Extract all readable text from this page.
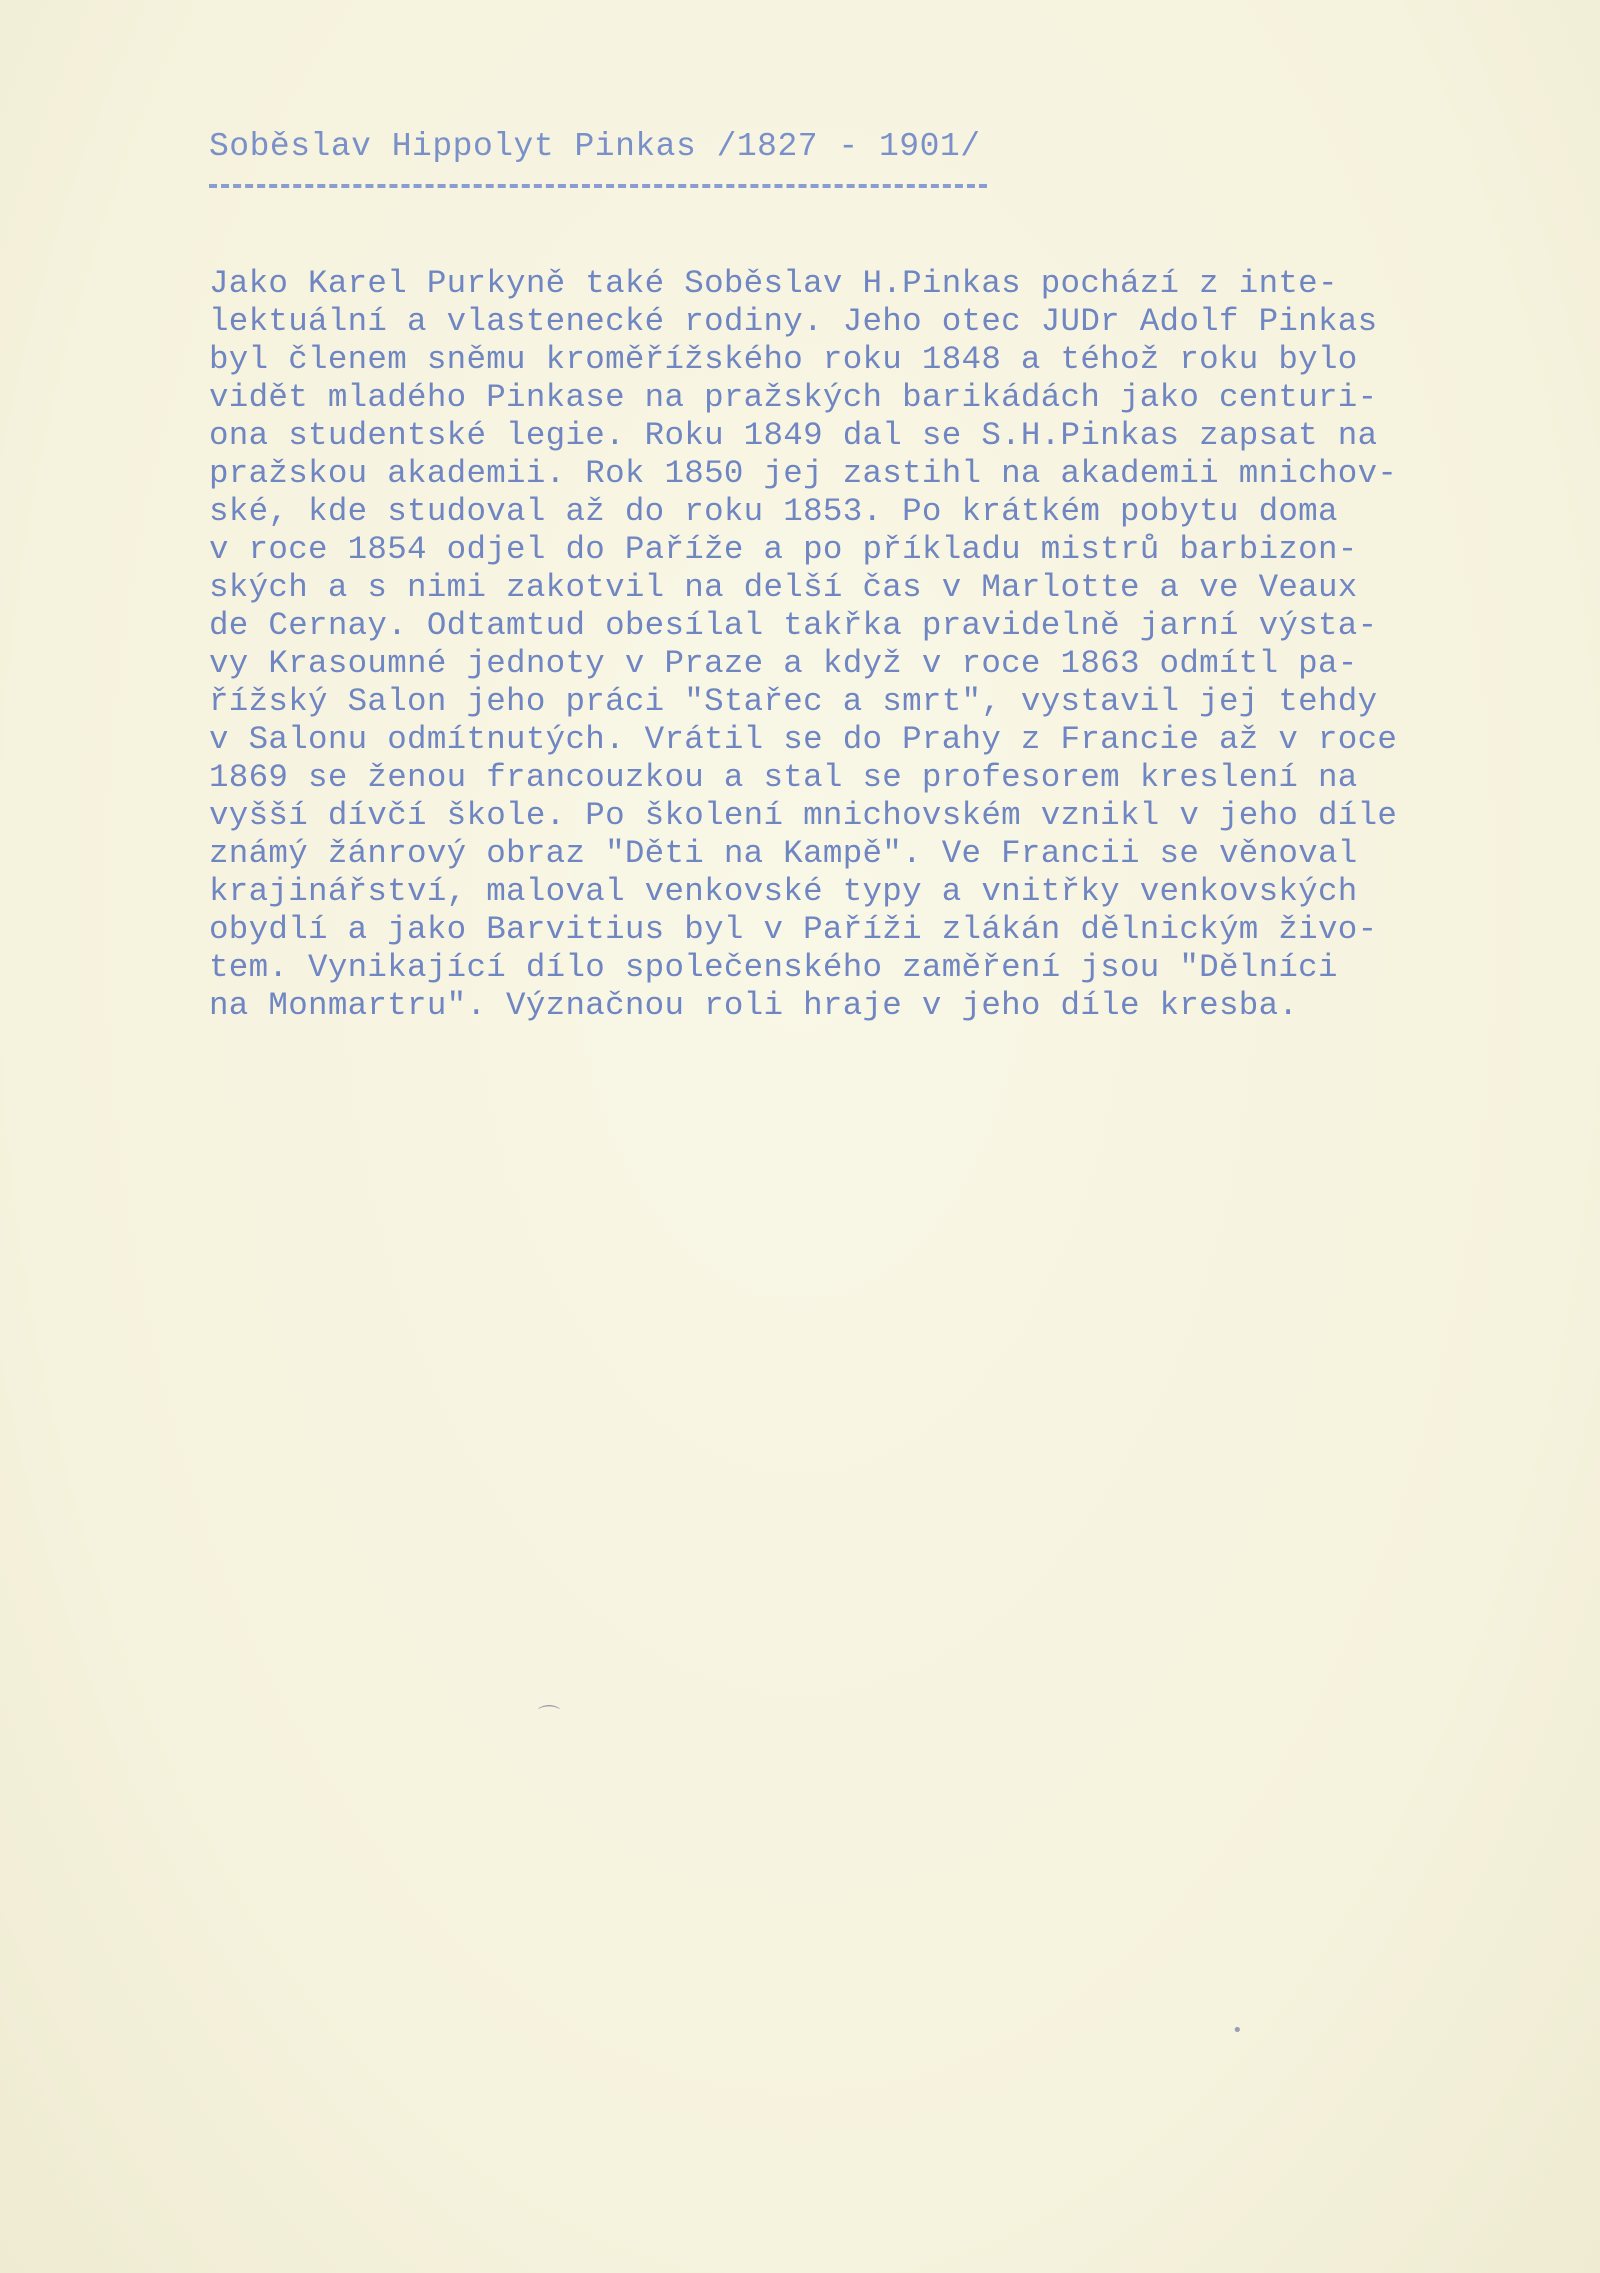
Soběslav Hippolyt Pinkas /1827 - 1901/
Jako Karel Purkyně také Soběslav H.Pinkas pochází z inte-
lektuální a vlastenecké rodiny. Jeho otec JUDr Adolf Pinkas
byl členem sněmu kroměřížského roku 1848 a téhož roku bylo
vidět mladého Pinkase na pražských barikádách jako centuri-
ona studentské legie. Roku 1849 dal se S.H.Pinkas zapsat na
pražskou akademii. Rok 1850 jej zastihl na akademii mnichov-
ské, kde studoval až do roku 1853. Po krátkém pobytu doma
v roce 1854 odjel do Paříže a po příkladu mistrů barbizon-
ských a s nimi zakotvil na delší čas v Marlotte a ve Veaux
de Cernay. Odtamtud obesílal takřka pravidelně jarní výsta-
vy Krasoumné jednoty v Praze a když v roce 1863 odmítl pa-
řížský Salon jeho práci "Stařec a smrt", vystavil jej tehdy
v Salonu odmítnutých. Vrátil se do Prahy z Francie až v roce
1869 se ženou francouzkou a stal se profesorem kreslení na
vyšší dívčí škole. Po školení mnichovském vznikl v jeho díle
známý žánrový obraz "Děti na Kampě". Ve Francii se věnoval
krajinářství, maloval venkovské typy a vnitřky venkovských
obydlí a jako Barvitius byl v Paříži zlákán dělnickým živo-
tem. Vynikající dílo společenského zaměření jsou "Dělníci
na Monmartru". Význačnou roli hraje v jeho díle kresba.
⌒
•
